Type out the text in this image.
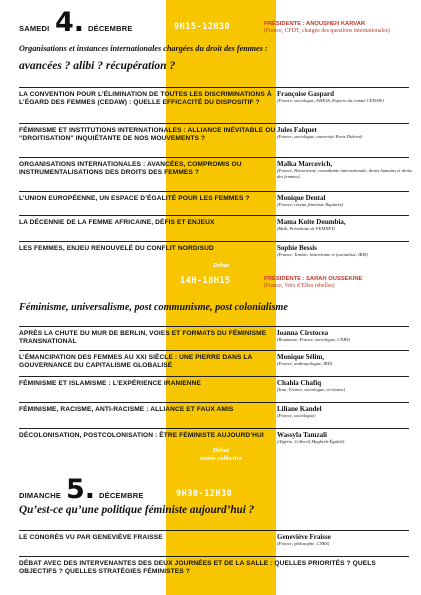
SAMEDI 4. DÉCEMBRE	9H15-12H30	PRÉSIDENTE : ANOUSHEH KARVAR
(France, CFDT, chargée des questions internationales)
Organisations et instances internationales chargées du droit des femmes :
avancées ? alibi ? récupération ?
LA CONVENTION POUR L’ÉLIMINATION DE TOUTES LES DISCRIMINATIONS À L’ÉGARD DES FEMMES (CEDAW) : QUELLE EFFICACITÉ DU DISPOSITIF ?
Françoise Gaspard
(France, sociologue, EHESS, Experte du comité CEDAW)
FÉMINISME ET INSTITUTIONS INTERNATIONALES : ALLIANCE INÉVITABLE OU “DROITISATION” INQUIÉTANTE DE NOS MOUVEMENTS ?
Jules Falquet
(France, sociologue, université Paris Diderot)
ORGANISATIONS INTERNATIONALES : AVANCÉES, COMPROMIS OU INSTRUMENTALISATIONS DES DROITS DES FEMMES ?
Malka Marcovich,
(France, Historienne, consultante internationale, droits humains et droits des femmes).
L’UNION EUROPÉENNE, UN ESPACE D’ÉGALITÉ POUR LES FEMMES ?	Monique Dental
(France, réseau féministe Ruptures)
LA DÉCENNIE DE LA FEMME AFRICAINE, DÉFIS ET ENJEUX	Mama Koite Doumbia,
(Mali, Présidente de FEMNET)
LES FEMMES, ENJEU RENOUVELÉ DU CONFLIT NORD/SUD	Sophie Bessis
(France, Tunisie, historienne et journaliste, IRIS)
Débat
14H-18H15	PRÉSIDENTE : SARAH OUSSEKINE
(France, Voix d’Elles rebelles)
Féminisme, universalisme, post communisme, post colonialisme
APRÈS LA CHUTE DU MUR DE BERLIN, VOIES ET FORMATS DU FÉMINISME TRANSNATIONAL
Ioanna Cîrstocea
(Roumanie, France, sociologue, CNRS)
L’ÉMANCIPATION DES FEMMES AU XXI SIÈCLE : UNE PIERRE DANS LA GOUVERNANCE DU CAPITALISME GLOBALISÉ
Monique Sélim,
(France, anthropologue, IRD)
FÉMINISME ET ISLAMISME : L’EXPÉRIENCE IRANIENNE	Chahla Chafiq
(Iran, France, sociologue, écrivaine)
FÉMINISME, RACISME, ANTI-RACISME : ALLIANCE ET FAUX AMIS	Liliane Kandel
(France, sociologue)
DÉCOLONISATION, POSTCOLONISATION : ÊTRE FÉMINISTE AUJOURD’HUI	Wassyla Tamzali
(Algérie, Collectif Maghreb-Égalité).
Débat
soirée collective
DIMANCHE 5. DÉCEMBRE	9H30-12H30
Qu’est-ce qu’une politique féministe aujourd’hui ?
LE CONGRÈS VU PAR GENEVIÈVE FRAISSE	Geneviève Fraisse
(France, philosophe, CNRS)
DÉBAT AVEC DES INTERVENANTES DES DEUX JOURNÉES ET DE LA SALLE : QUELLES PRIORITÉS ? QUELS OBJECTIFS ? QUELLES STRATÉGIES FÉMINISTES ?
